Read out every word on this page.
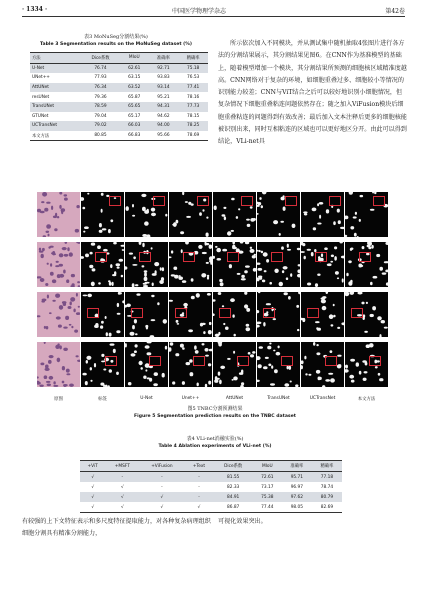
· 1334 ·	中国医学物理学杂志	第42卷
表3 MoNuSeg分割结果(%)
Table 3 Segmentation results on the MoNuSeg dataset (%)
方法	Dice系数	MIoU	准确率	精确率
U-Net	76.74	62.61	92.71	75.18
UNet++	77.93	63.15	93.83	76.53
AttUNet	76.34	63.52	93.14	77.41
resUNet	79.36	65.87	95.21	78.16
TransUNet	78.59	65.65	94.31	77.73
GTUNet	79.04	65.17	94.62	78.15
UCTransNet	79.02	66.03	94.00	78.25
本文方法	80.85	66.83	95.66	78.69

所示依次加入不同模块，并从测试集中随机抽取4张图片进行各方法的分割结果展示，其分割结果见图6。在CNN作为基准模型的基础上，随着模型增加一个模块，其分割结果所预测的细胞核区域精准度越高。CNN网络对于复杂的环境，如细胞重叠过多、细胞较小等情况的识别能力较差；CNN与ViT结合之后可以较好地识别小细胞情况，但复杂情况下细胞重叠粘连问题依然存在；随之加入ViFusion模块后细胞重叠粘连的问题得到有效改善；最后加入文本注释后更多的细胞核能被识别出来，同时互相粘连的区域也可以更好地区分开。由此可以得到结论，VLi-net具

原图	标签	U-Net	Unet++	AttUNet	TransUNet	UCTransNet	本文方法
图5 TNBC分割预测结果
Figure 5 Segmentation prediction results on the TNBC dataset
表4 VLi-net消融实验(%)
Table 4 Ablation experiments of VLi-net (%)
+ViT	+MSFT	+ViFusion	+Text	Dice系数	MIoU	准确率	精确率
√	-	-	-	81.55	72.61	95.71	77.18
√	√	-	-	82.33	73.17	96.97	78.74
√	√	√	-	84.91	75.38	97.62	80.79
√	√	√	√	86.87	77.44	98.05	82.69
有较强的上下文特征表示和多尺度特征提取能力，对各种复杂病理组织细胞分割具有精准分割能力，
可视化效果突出。
